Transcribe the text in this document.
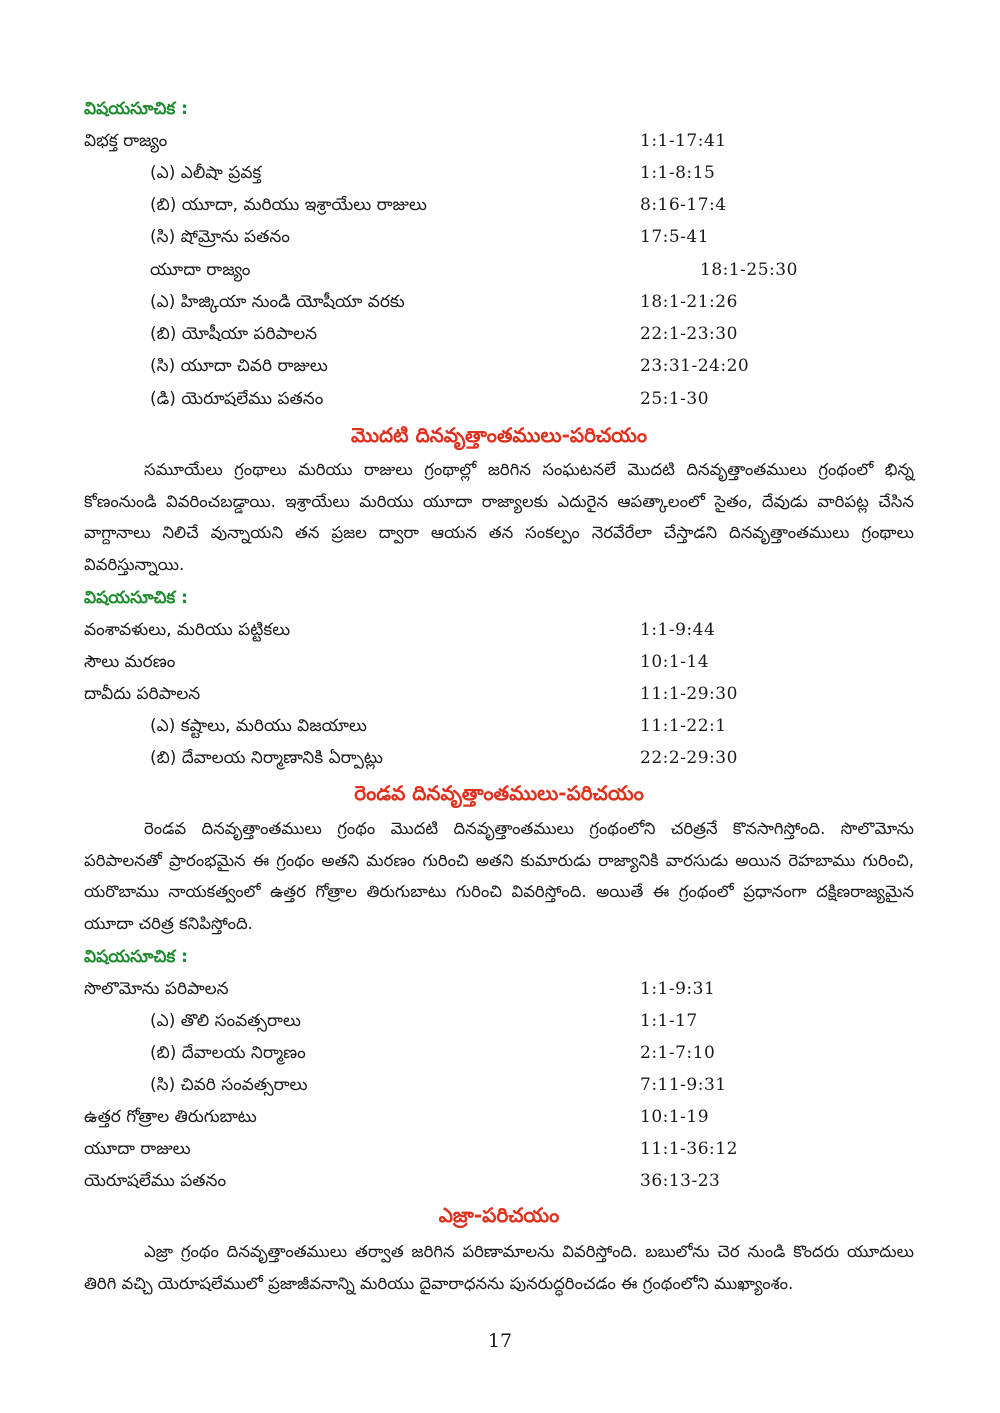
విషయసూచిక :
విభక్త రాజ్యం	1:1-17:41
(ఎ) ఎలీషా ప్రవక్త	1:1-8:15
(బి) యూదా, మరియు ఇశ్రాయేలు రాజులు	8:16-17:4
(సి) షోమ్రోను పతనం	17:5-41
యూదా రాజ్యం	18:1-25:30
(ఎ) హిజ్కియా నుండి యోషీయా వరకు	18:1-21:26
(బి) యోషీయా పరిపాలన	22:1-23:30
(సి) యూదా చివరి రాజులు	23:31-24:20
(డి) యెరూషలేము పతనం	25:1-30
మొదటి దినవృత్తాంతములు-పరిచయం
సమూయేలు గ్రంథాలు మరియు రాజులు గ్రంథాల్లో జరిగిన సంఘటనలే మొదటి దినవృత్తాంతములు గ్రంథంలో భిన్న కోణంనుండి వివరించబడ్డాయి. ఇశ్రాయేలు మరియు యూదా రాజ్యాలకు ఎదురైన ఆపత్కాలంలో సైతం, దేవుడు వారిపట్ల చేసిన వాగ్దానాలు నిలిచే వున్నాయని తన ప్రజల ద్వారా ఆయన తన సంకల్పం నెరవేరేలా చేస్తాడని దినవృత్తాంతములు గ్రంథాలు వివరిస్తున్నాయి.
విషయసూచిక :
వంశావళులు, మరియు పట్టికలు	1:1-9:44
సౌలు మరణం	10:1-14
దావీదు పరిపాలన	11:1-29:30
(ఎ) కష్టాలు, మరియు విజయాలు	11:1-22:1
(బి) దేవాలయ నిర్మాణానికి ఏర్పాట్లు	22:2-29:30
రెండవ దినవృత్తాంతములు-పరిచయం
రెండవ దినవృత్తాంతములు గ్రంథం మొదటి దినవృత్తాంతములు గ్రంథంలోని చరిత్రనే కొనసాగిస్తోంది. సొలొమోను పరిపాలనతో ప్రారంభమైన ఈ గ్రంథం అతని మరణం గురించి అతని కుమారుడు రాజ్యానికి వారసుడు అయిన రెహబాము గురించి, యరొబాము నాయకత్వంలో ఉత్తర గోత్రాల తిరుగుబాటు గురించి వివరిస్తోంది. అయితే ఈ గ్రంథంలో ప్రధానంగా దక్షిణరాజ్యమైన యూదా చరిత్ర కనిపిస్తోంది.
విషయసూచిక :
సొలొమోను పరిపాలన	1:1-9:31
(ఎ) తొలి సంవత్సరాలు	1:1-17
(బి) దేవాలయ నిర్మాణం	2:1-7:10
(సి) చివరి సంవత్సరాలు	7:11-9:31
ఉత్తర గోత్రాల తిరుగుబాటు	10:1-19
యూదా రాజులు	11:1-36:12
యెరూషలేము పతనం	36:13-23
ఎజ్రా-పరిచయం
ఎజ్రా గ్రంథం దినవృత్తాంతములు తర్వాత జరిగిన పరిణామాలను వివరిస్తోంది. బబులోను చెర నుండి కొందరు యూదులు తిరిగి వచ్చి యెరూషలేములో ప్రజాజీవనాన్ని మరియు దైవారాధనను పునరుద్ధరించడం ఈ గ్రంథంలోని ముఖ్యాంశం.
17
